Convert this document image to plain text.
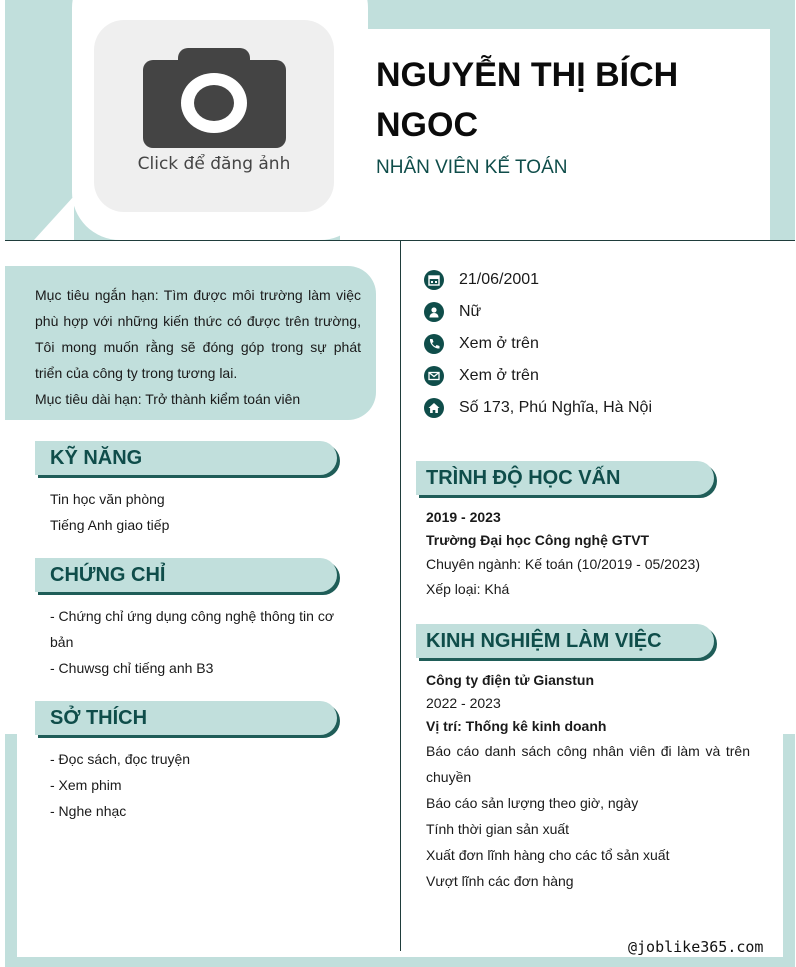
Click để đăng ảnh
NGUYỄN THỊ BÍCH NGOC
NHÂN VIÊN KẾ TOÁN
Mục tiêu ngắn hạn: Tìm được môi trường làm việc phù hợp với những kiến thức có được trên trường, Tôi mong muốn rằng sẽ đóng góp trong sự phát triển của công ty trong tương lai.
Mục tiêu dài hạn: Trở thành kiểm toán viên
KỸ NĂNG
Tin học văn phòng
Tiếng Anh giao tiếp
CHỨNG CHỈ
- Chứng chỉ ứng dụng công nghệ thông tin cơ bản
- Chuwsg chỉ tiếng anh B3
SỞ THÍCH
- Đọc sách, đọc truyện
- Xem phim
- Nghe nhạc
21/06/2001
Nữ
Xem ở trên
Xem ở trên
Số 173, Phú Nghĩa, Hà Nội
TRÌNH ĐỘ HỌC VẤN
2019 - 2023
Trường Đại học Công nghệ GTVT
Chuyên ngành: Kế toán (10/2019 - 05/2023)
Xếp loại: Khá
KINH NGHIỆM LÀM VIỆC
Công ty điện tử Gianstun
2022 - 2023
Vị trí: Thống kê kinh doanh
Báo cáo danh sách công nhân viên đi làm và trên chuyền
Báo cáo sản lượng theo giờ, ngày
Tính thời gian sản xuất
Xuất đơn lĩnh hàng cho các tổ sản xuất
Vượt lĩnh các đơn hàng
@joblike365.com
